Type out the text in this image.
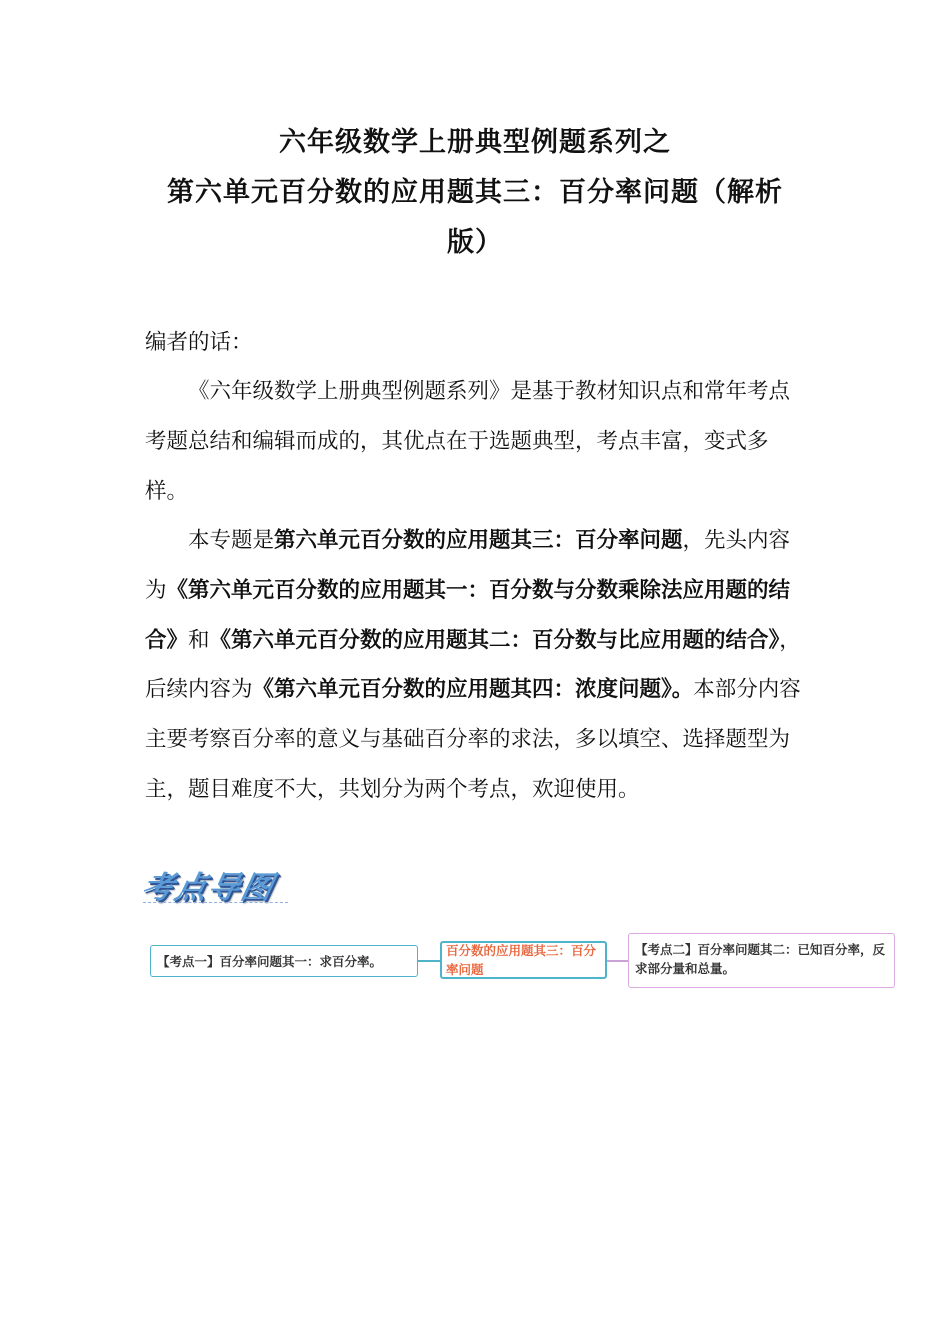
六年级数学上册典型例题系列之
第六单元百分数的应用题其三：百分率问题（解析
版）

编者的话：

《六年级数学上册典型例题系列》是基于教材知识点和常年考点考题总结和编辑而成的，其优点在于选题典型，考点丰富，变式多样。

本专题是第六单元百分数的应用题其三：百分率问题，先头内容为《第六单元百分数的应用题其一：百分数与分数乘除法应用题的结合》和《第六单元百分数的应用题其二：百分数与比应用题的结合》，后续内容为《第六单元百分数的应用题其四：浓度问题》。本部分内容主要考察百分率的意义与基础百分率的求法，多以填空、选择题型为主，题目难度不大，共划分为两个考点，欢迎使用。

考点导图
【考点一】百分率问题其一：求百分率。
百分数的应用题其三：百分率问题
【考点二】百分率问题其二：已知百分率，反求部分量和总量。
